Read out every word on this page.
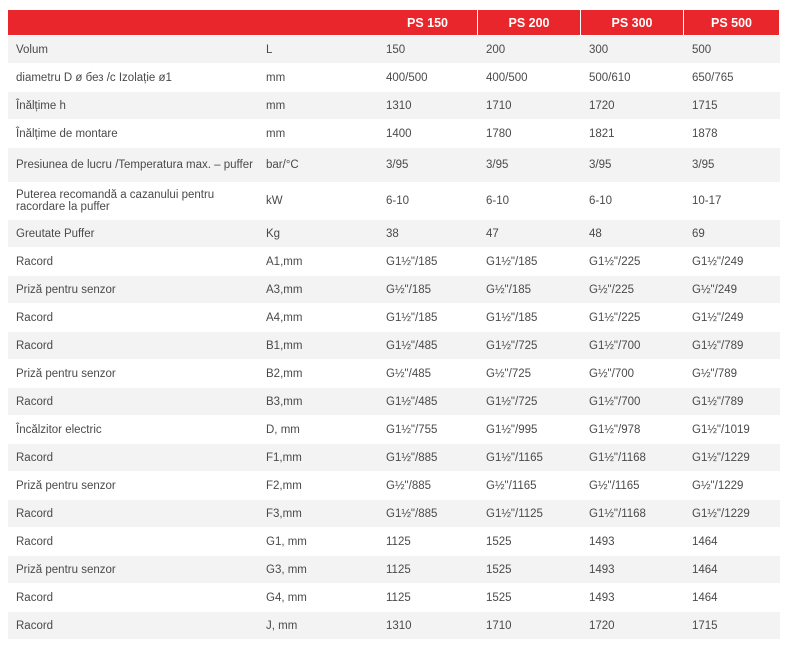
		PS 150	PS 200	PS 300	PS 500
Volum	L	150	200	300	500
diametru D ø без /c Izolație ø1	mm	400/500	400/500	500/610	650/765
Înălțime h	mm	1310	1710	1720	1715
Înălțime de montare	mm	1400	1780	1821	1878
Presiunea de lucru /Temperatura max. – puffer	bar/°C	3/95	3/95	3/95	3/95
Puterea recomandă a cazanului pentru racordare la puffer	kW	6-10	6-10	6-10	10-17
Greutate Puffer	Kg	38	47	48	69
Racord	A1,mm	G1½"/185	G1½"/185	G1½"/225	G1½"/249
Priză pentru senzor	A3,mm	G½"/185	G½"/185	G½"/225	G½"/249
Racord	A4,mm	G1½"/185	G1½"/185	G1½"/225	G1½"/249
Racord	B1,mm	G1½"/485	G1½"/725	G1½"/700	G1½"/789
Priză pentru senzor	B2,mm	G½"/485	G½"/725	G½"/700	G½"/789
Racord	B3,mm	G1½"/485	G1½"/725	G1½"/700	G1½"/789
Încălzitor electric	D, mm	G1½"/755	G1½"/995	G1½"/978	G1½"/1019
Racord	F1,mm	G1½"/885	G1½"/1165	G1½"/1168	G1½"/1229
Priză pentru senzor	F2,mm	G½"/885	G½"/1165	G½"/1165	G½"/1229
Racord	F3,mm	G1½"/885	G1½"/1125	G1½"/1168	G1½"/1229
Racord	G1, mm	1125	1525	1493	1464
Priză pentru senzor	G3, mm	1125	1525	1493	1464
Racord	G4, mm	1125	1525	1493	1464
Racord	J, mm	1310	1710	1720	1715
